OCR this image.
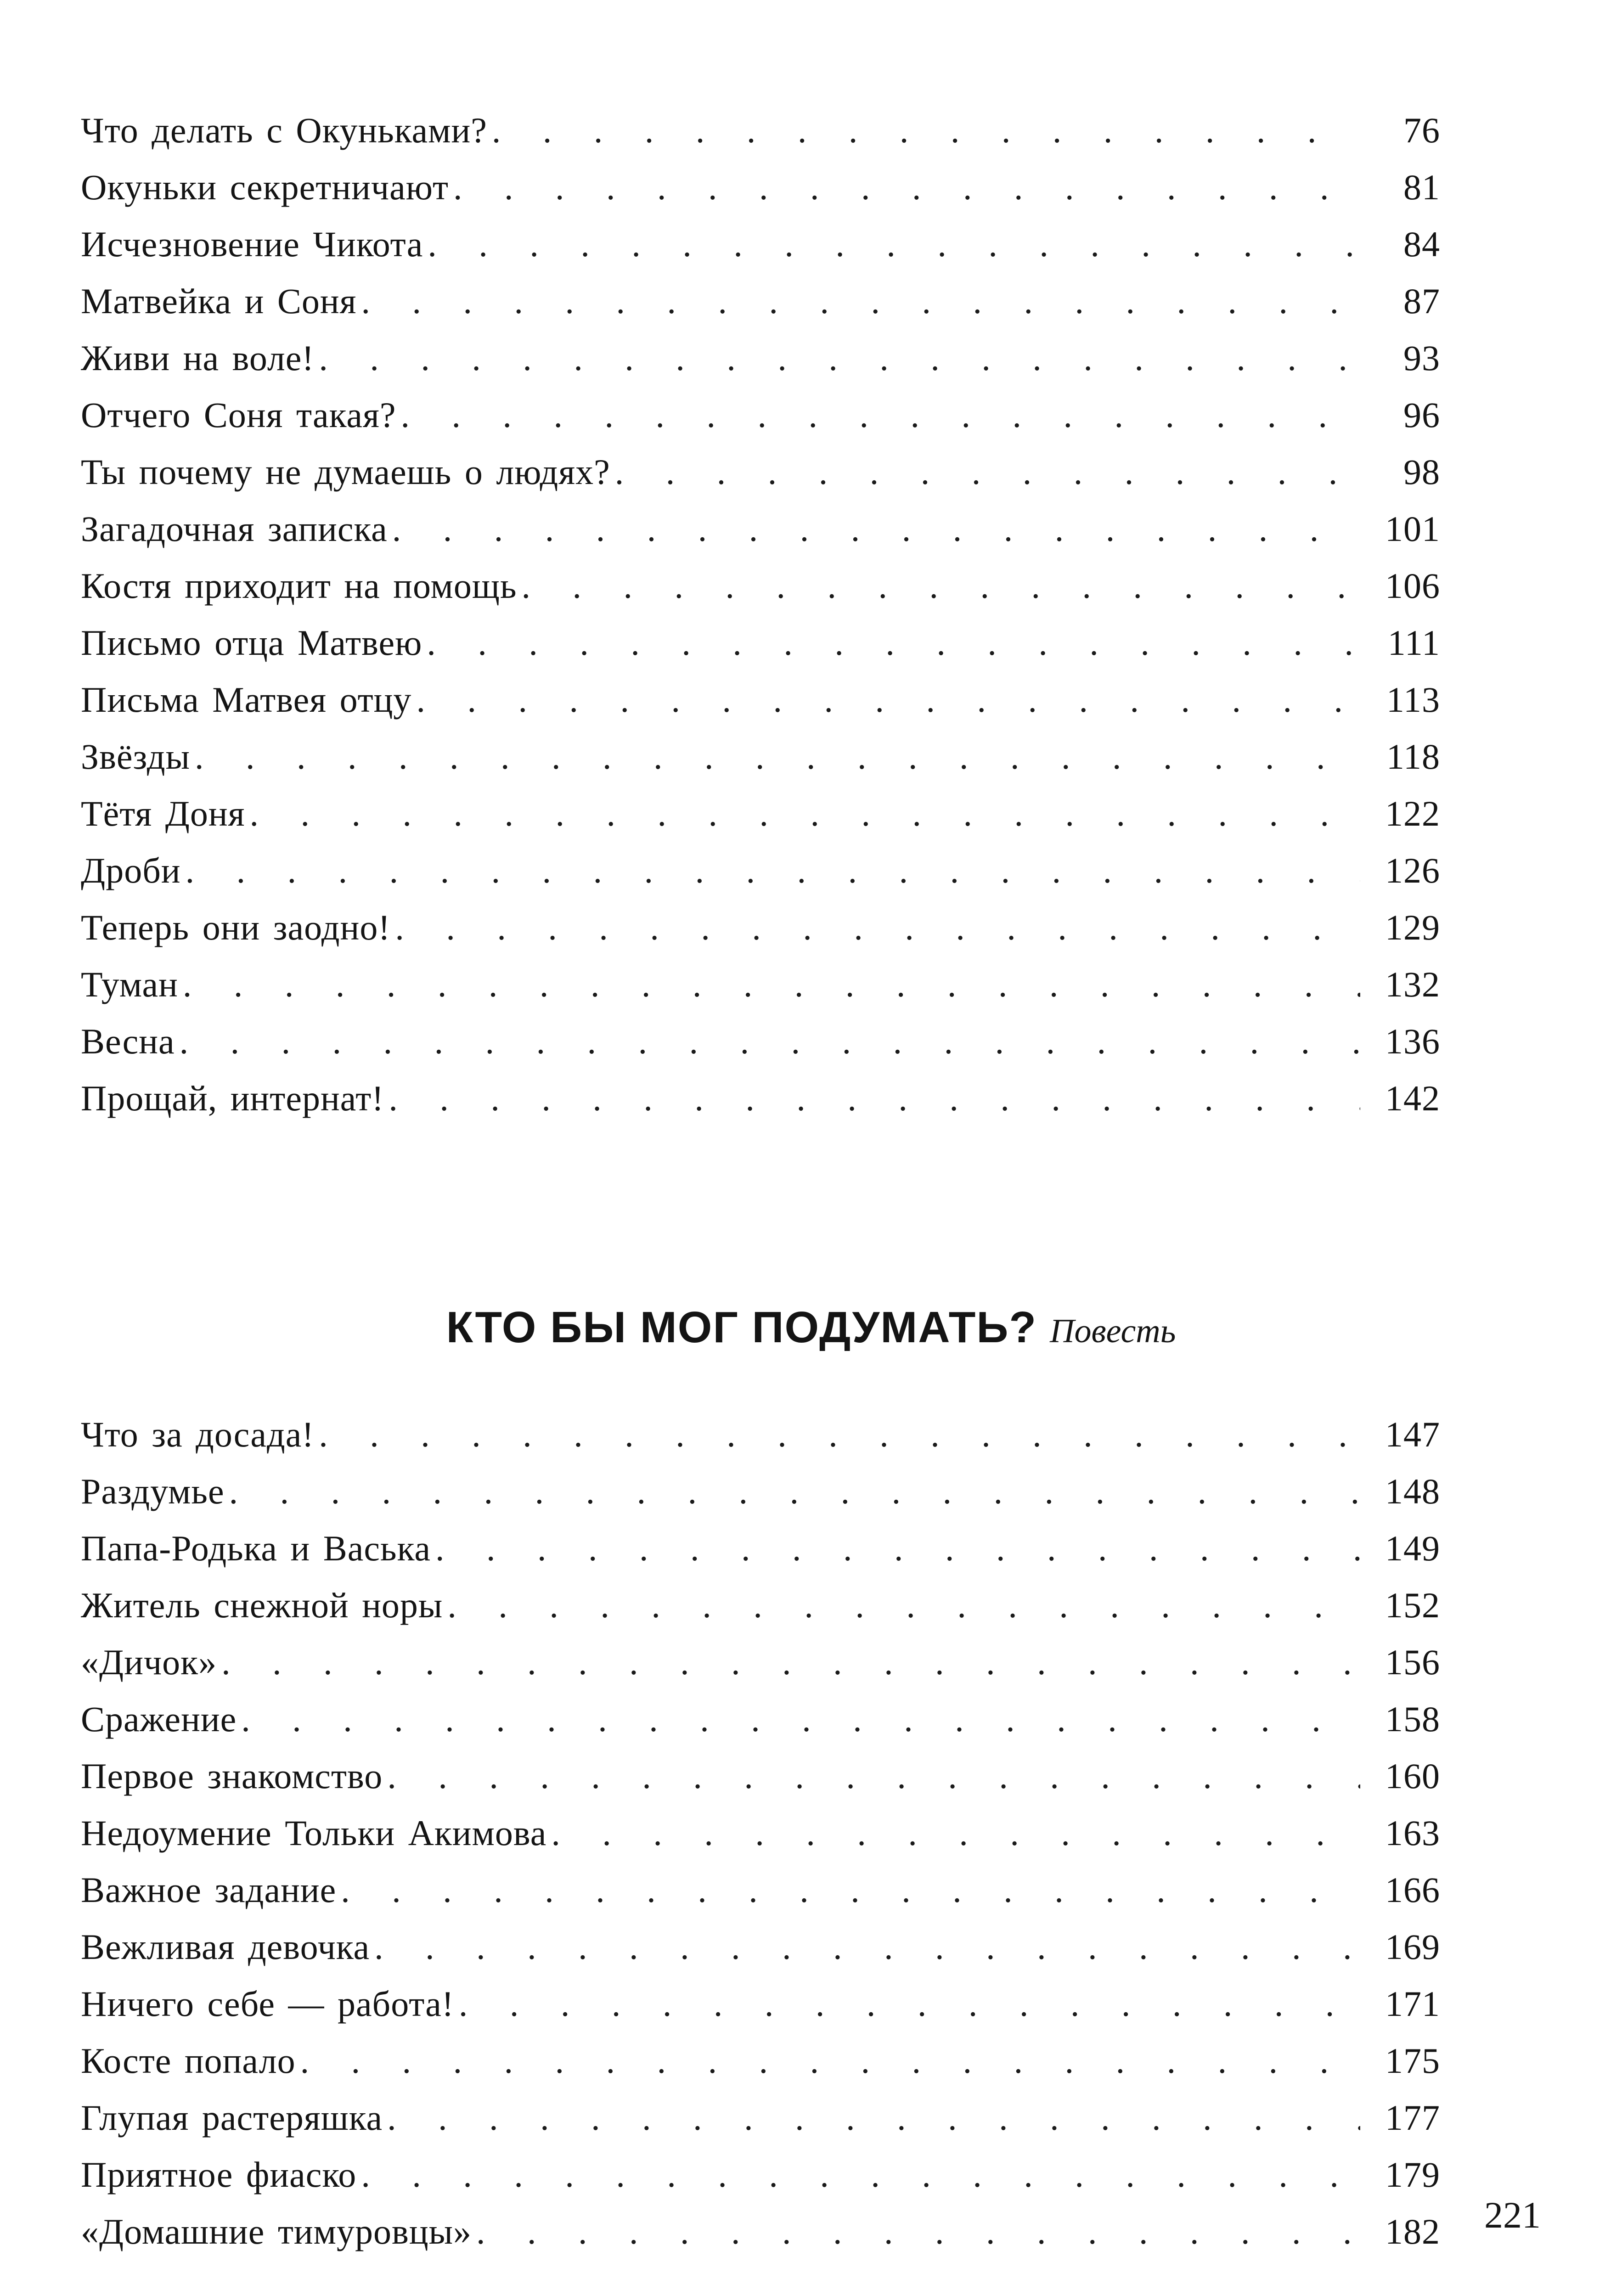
Что делать с Окуньками? . . .	76
Окуньки секретничают . . .	81
Исчезновение Чикота . . .	84
Матвейка и Соня . . .	87
Живи на воле! . . .	93
Отчего Соня такая? . . .	96
Ты почему не думаешь о людях? . . .	98
Загадочная записка . . .	101
Костя приходит на помощь . . .	106
Письмо отца Матвею . . .	111
Письма Матвея отцу . . .	113
Звёзды . . .	118
Тётя Доня . . .	122
Дроби . . .	126
Теперь они заодно! . . .	129
Туман . . .	132
Весна . . .	136
Прощай, интернат! . . .	142
КТО БЫ МОГ ПОДУМАТЬ? Повесть
Что за досада! . . .	147
Раздумье . . .	148
Папа-Родька и Васька . . .	149
Житель снежной норы . . .	152
«Дичок» . . .	156
Сражение . . .	158
Первое знакомство . . .	160
Недоумение Тольки Акимова . . .	163
Важное задание . . .	166
Вежливая девочка . . .	169
Ничего себе — работа! . . .	171
Косте попало . . .	175
Глупая растеряшка . . .	177
Приятное фиаско . . .	179
«Домашние тимуровцы» . . .	182 221
